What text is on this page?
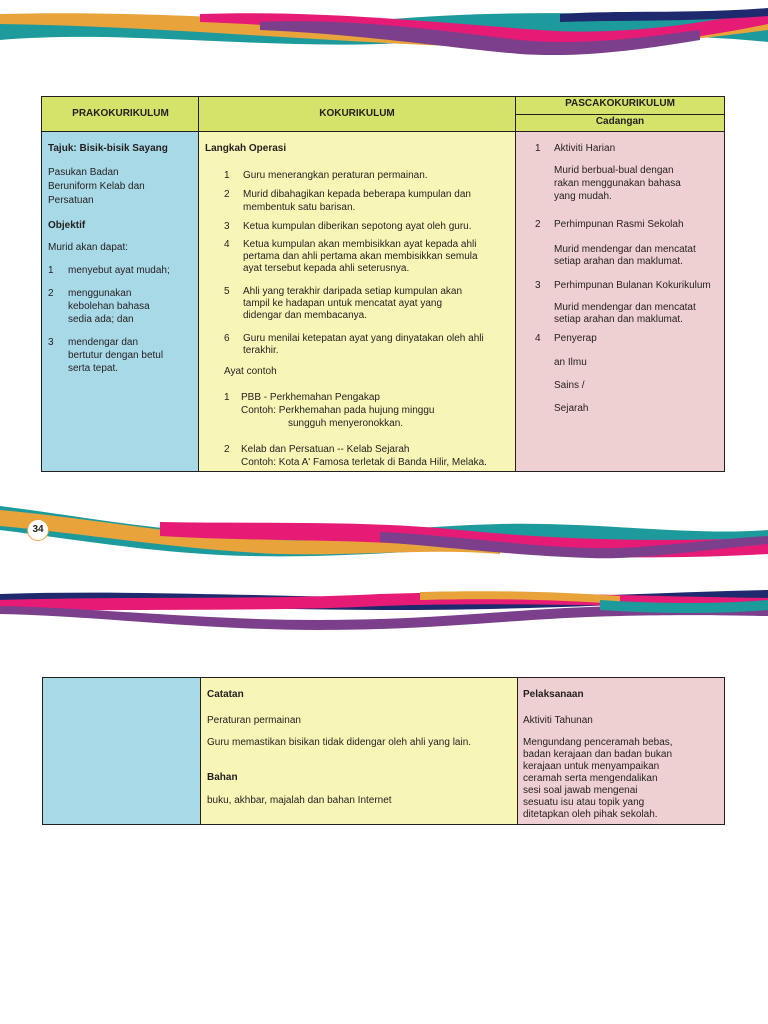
PRAKOKURIKULUM	KOKURIKULUM
PASCAKOKURIKULUM
Cadangan
Tajuk: Bisik-bisik Sayang
Pasukan Badan
Beruniform Kelab dan
Persatuan
Objektif
Murid akan dapat:
1 menyebut ayat mudah;
2 menggunakan
kebolehan bahasa
sedia ada; dan
3 mendengar dan
bertutur dengan betul
serta tepat.
Langkah Operasi
1 Guru menerangkan peraturan permainan.
2 Murid dibahagikan kepada beberapa kumpulan dan
membentuk satu barisan.
3 Ketua kumpulan diberikan sepotong ayat oleh guru.
4 Ketua kumpulan akan membisikkan ayat kepada ahli
pertama dan ahli pertama akan membisikkan semula
ayat tersebut kepada ahli seterusnya.
5 Ahli yang terakhir daripada setiap kumpulan akan
tampil ke hadapan untuk mencatat ayat yang
didengar dan membacanya.
6 Guru menilai ketepatan ayat yang dinyatakan oleh ahli
terakhir.
Ayat contoh
1 PBB - Perkhemahan Pengakap
Contoh: Perkhemahan pada hujung minggu
sungguh menyeronokkan.
2 Kelab dan Persatuan -- Kelab Sejarah
Contoh: Kota A' Famosa terletak di Banda Hilir, Melaka.
1 Aktiviti Harian
Murid berbual-bual dengan
rakan menggunakan bahasa
yang mudah.
2 Perhimpunan Rasmi Sekolah
Murid mendengar dan mencatat
setiap arahan dan maklumat.
3 Perhimpunan Bulanan Kokurikulum
Murid mendengar dan mencatat
setiap arahan dan maklumat.
4 Penyerap
an Ilmu
Sains /
Sejarah
34
Catatan
Peraturan permainan
Guru memastikan bisikan tidak didengar oleh ahli yang lain.
Bahan
buku, akhbar, majalah dan bahan Internet
Pelaksanaan
Aktiviti Tahunan
Mengundang penceramah bebas,
badan kerajaan dan badan bukan
kerajaan untuk menyampaikan
ceramah serta mengendalikan
sesi soal jawab mengenai
sesuatu isu atau topik yang
ditetapkan oleh pihak sekolah.
